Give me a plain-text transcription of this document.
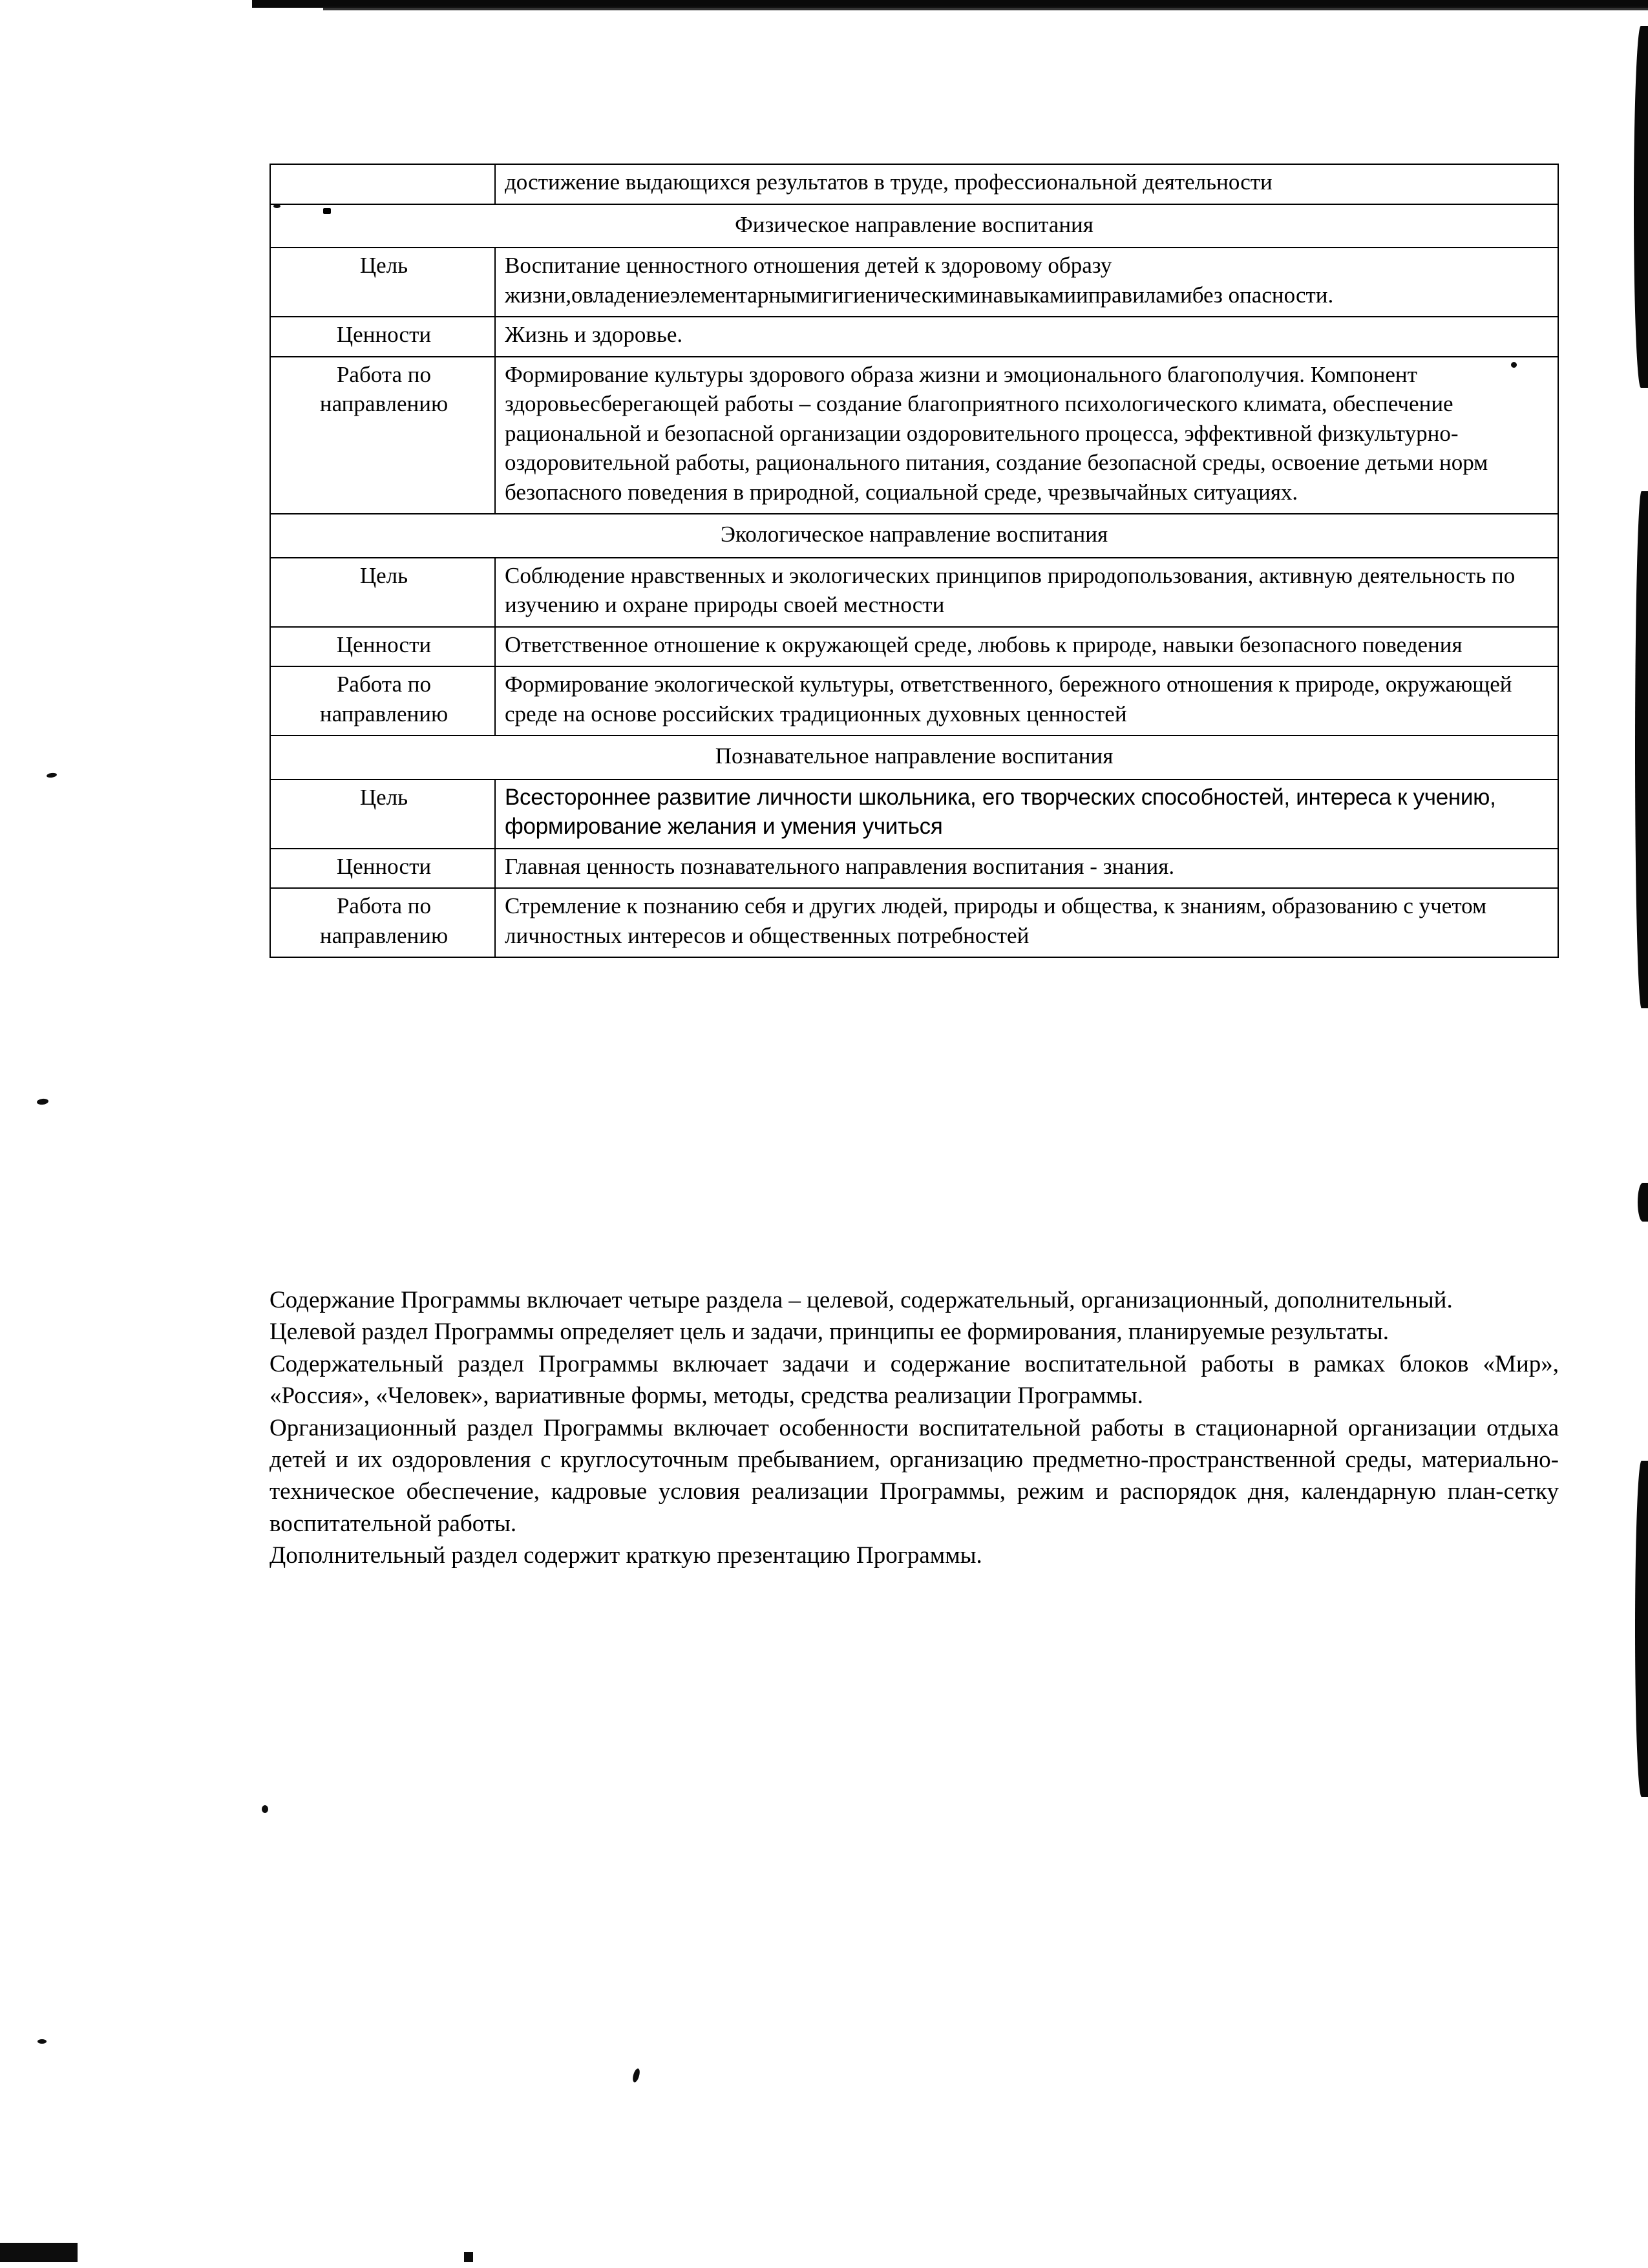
	достижение выдающихся результатов в труде, профессиональной деятельности
Физическое направление воспитания	

Цель	Воспитание ценностного отношения детей к здоровому образу жизни,овладениеэлементарнымигигиеническиминавыкамииправиламибез опасности.

Ценности	Жизнь и здоровье.

Работа по направлению	Формирование культуры здорового образа жизни и эмоционального благополучия. Компонент здоровьесберегающей работы – создание благоприятного психологического климата, обеспечение рациональной и безопасной организации оздоровительного процесса, эффективной физкультурно-оздоровительной работы, рационального питания, создание безопасной среды, освоение детьми норм безопасного поведения в природной, социальной среде, чрезвычайных ситуациях.
Экологическое направление воспитания	

Цель	Соблюдение нравственных и экологических принципов природопользования, активную деятельность по изучению и охране природы своей местности

Ценности	Ответственное отношение к окружающей среде, любовь к природе, навыки безопасного поведения

Работа по направлению	Формирование экологической культуры, ответственного, бережного отношения к природе, окружающей среде на основе российских традиционных духовных ценностей
Познавательное направление воспитания	

Цель	Всестороннее развитие личности школьника, его творческих способностей, интереса к учению, формирование желания и умения учиться

Ценности	Главная ценность познавательного направления воспитания - знания.

Работа по направлению	Стремление к познанию себя и других людей, природы и общества, к знаниям, образованию с учетом личностных интересов и общественных потребностей

Содержание Программы включает четыре раздела – целевой, содержательный, организационный, дополнительный.

Целевой раздел Программы определяет цель и задачи, принципы ее формирования, планируемые результаты.

Содержательный раздел Программы включает задачи и содержание воспитательной работы в рамках блоков «Мир», «Россия», «Человек», вариативные формы, методы, средства реализации Программы.

Организационный раздел Программы включает особенности воспитательной работы в стационарной организации отдыха детей и их оздоровления с круглосуточным пребыванием, организацию предметно-пространственной среды, материально-техническое обеспечение, кадровые условия реализации Программы, режим и распорядок дня, календарную план-сетку воспитательной работы.

Дополнительный раздел содержит краткую презентацию Программы.
